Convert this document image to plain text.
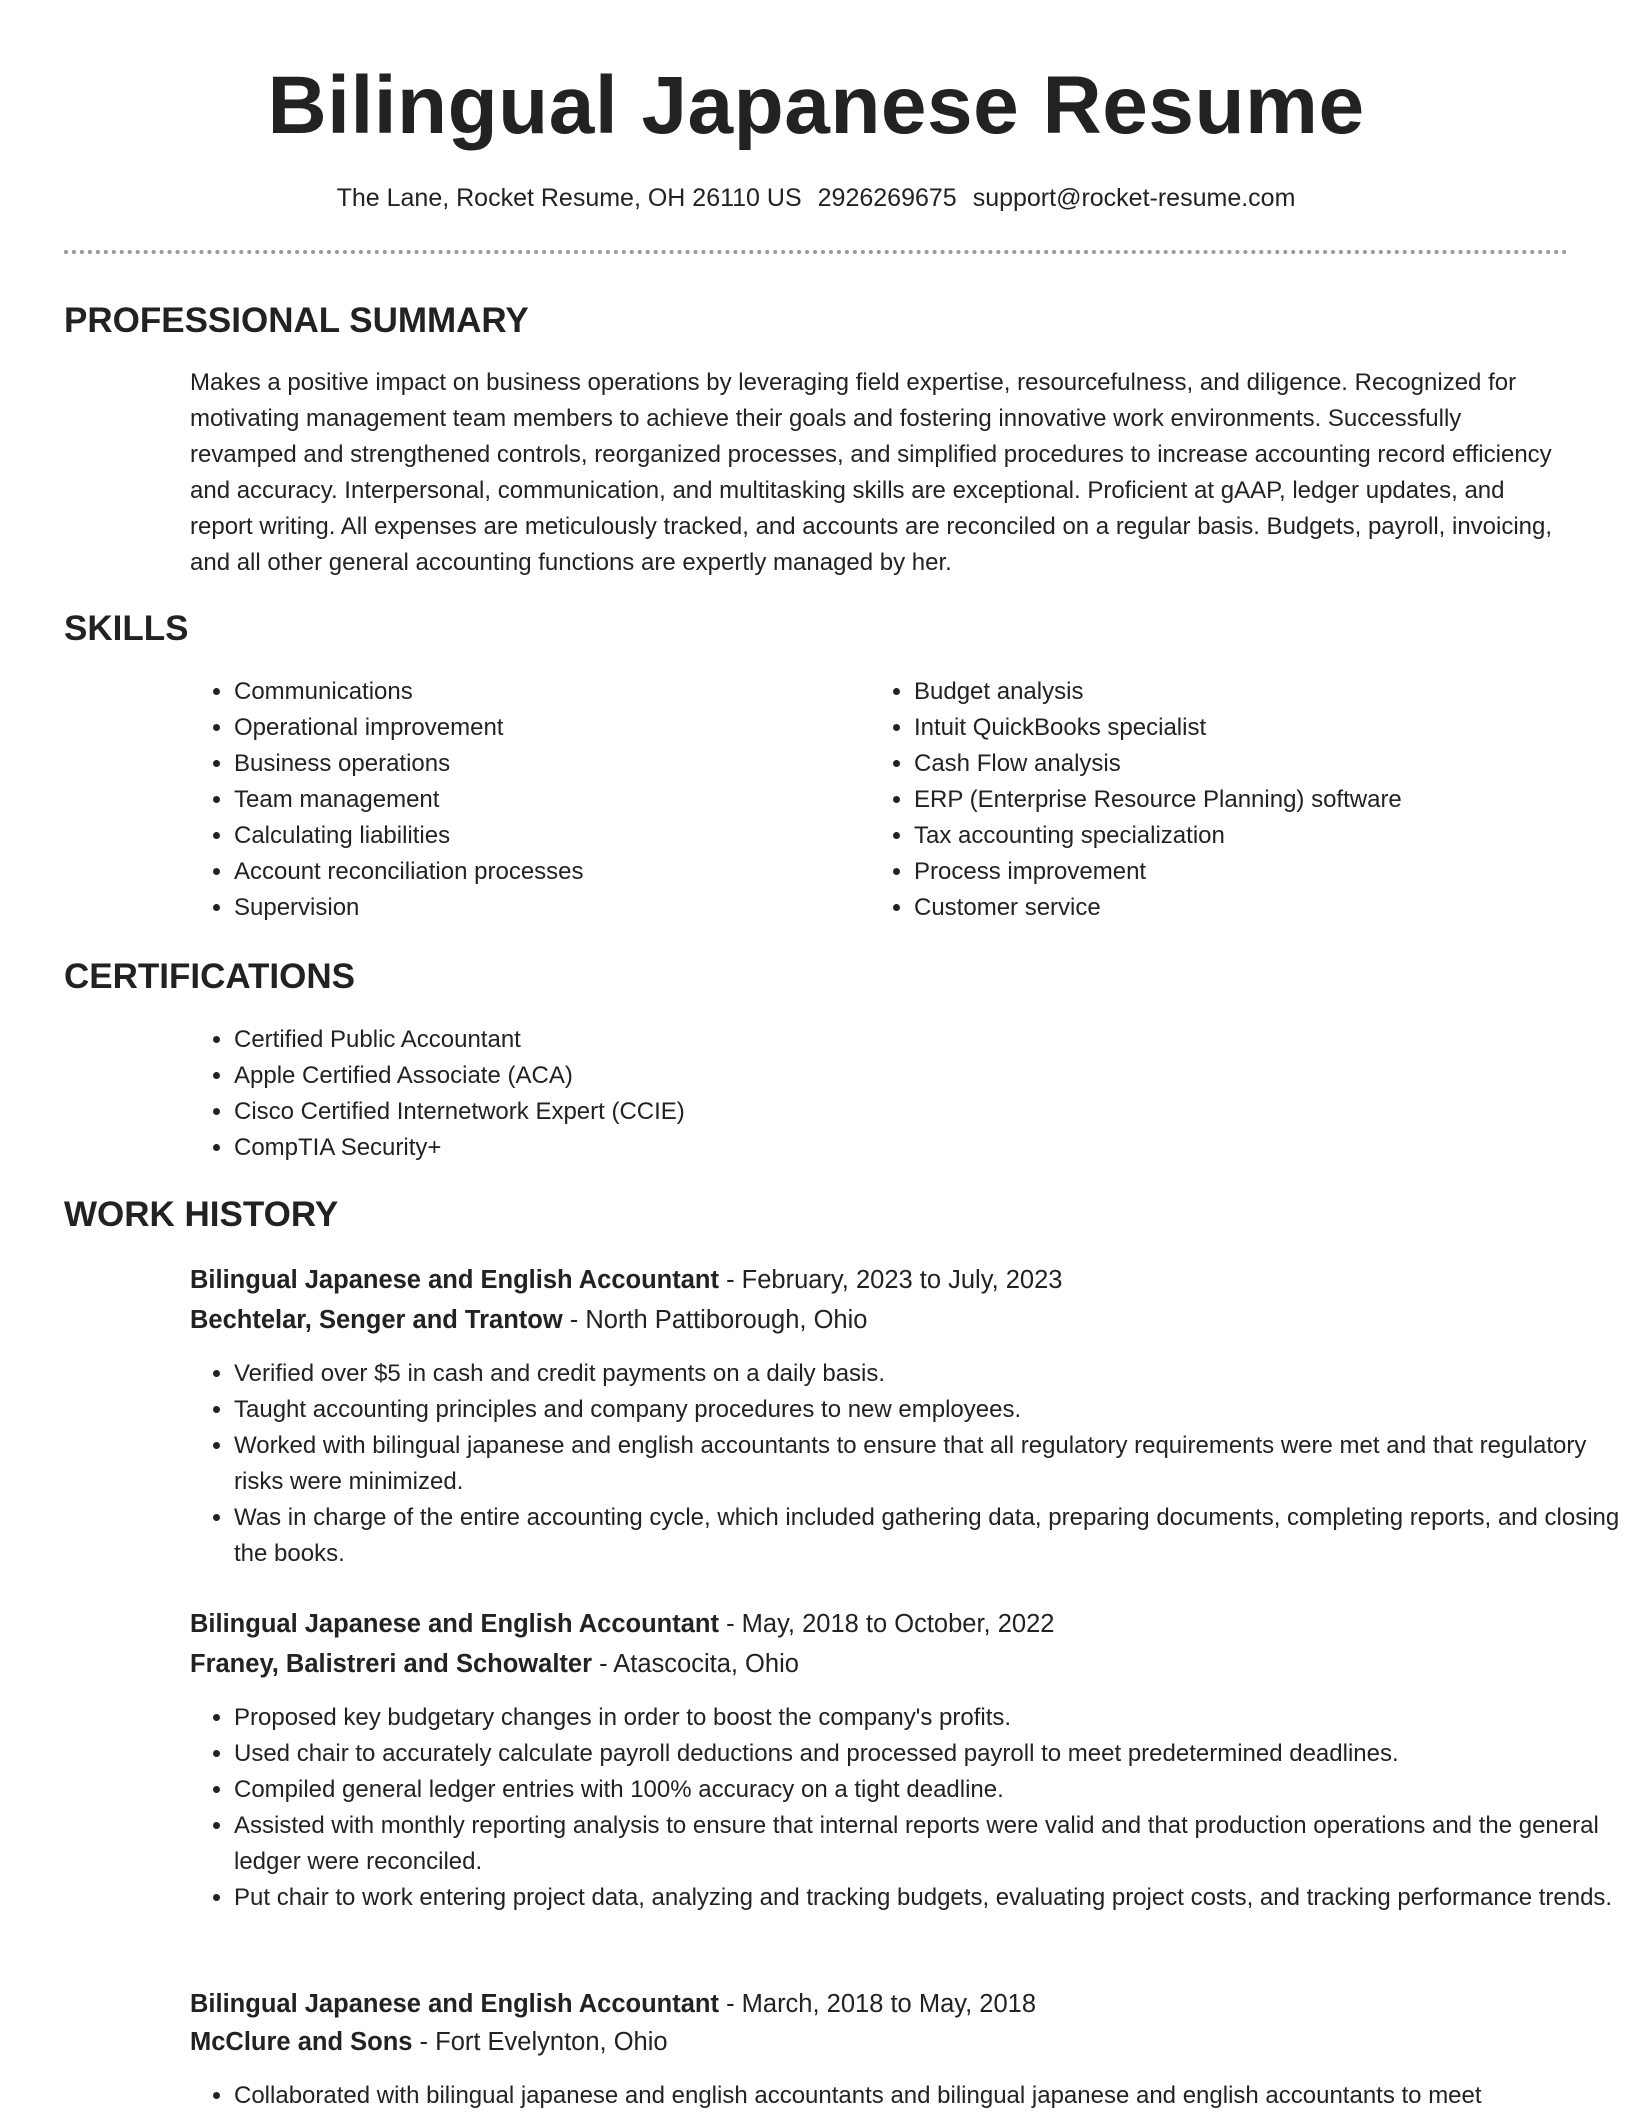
Bilingual Japanese Resume
The Lane, Rocket Resume, OH 26110 US 2926269675 support@rocket-resume.com
PROFESSIONAL SUMMARY

Makes a positive impact on business operations by leveraging field expertise, resourcefulness, and diligence. Recognized for motivating management team members to achieve their goals and fostering innovative work environments. Successfully revamped and strengthened controls, reorganized processes, and simplified procedures to increase accounting record efficiency and accuracy. Interpersonal, communication, and multitasking skills are exceptional. Proficient at gAAP, ledger updates, and report writing. All expenses are meticulously tracked, and accounts are reconciled on a regular basis. Budgets, payroll, invoicing, and all other general accounting functions are expertly managed by her.

SKILLS
• Communications
• Operational improvement
• Business operations
• Team management
• Calculating liabilities
• Account reconciliation processes
• Supervision
• Budget analysis
• Intuit QuickBooks specialist
• Cash Flow analysis
• ERP (Enterprise Resource Planning) software
• Tax accounting specialization
• Process improvement
• Customer service
CERTIFICATIONS
• Certified Public Accountant
• Apple Certified Associate (ACA)
• Cisco Certified Internetwork Expert (CCIE)
• CompTIA Security+
WORK HISTORY
Bilingual Japanese and English Accountant - February, 2023 to July, 2023
Bechtelar, Senger and Trantow - North Pattiborough, Ohio
• Verified over $5 in cash and credit payments on a daily basis.
• Taught accounting principles and company procedures to new employees.
• Worked with bilingual japanese and english accountants to ensure that all regulatory requirements were met and that regulatory risks were minimized.
• Was in charge of the entire accounting cycle, which included gathering data, preparing documents, completing reports, and closing the books.
Bilingual Japanese and English Accountant - May, 2018 to October, 2022
Franey, Balistreri and Schowalter - Atascocita, Ohio
• Proposed key budgetary changes in order to boost the company's profits.
• Used chair to accurately calculate payroll deductions and processed payroll to meet predetermined deadlines.
• Compiled general ledger entries with 100% accuracy on a tight deadline.
• Assisted with monthly reporting analysis to ensure that internal reports were valid and that production operations and the general ledger were reconciled.
• Put chair to work entering project data, analyzing and tracking budgets, evaluating project costs, and tracking performance trends.
Bilingual Japanese and English Accountant - March, 2018 to May, 2018
McClure and Sons - Fort Evelynton, Ohio
• Collaborated with bilingual japanese and english accountants and bilingual japanese and english accountants to meet
